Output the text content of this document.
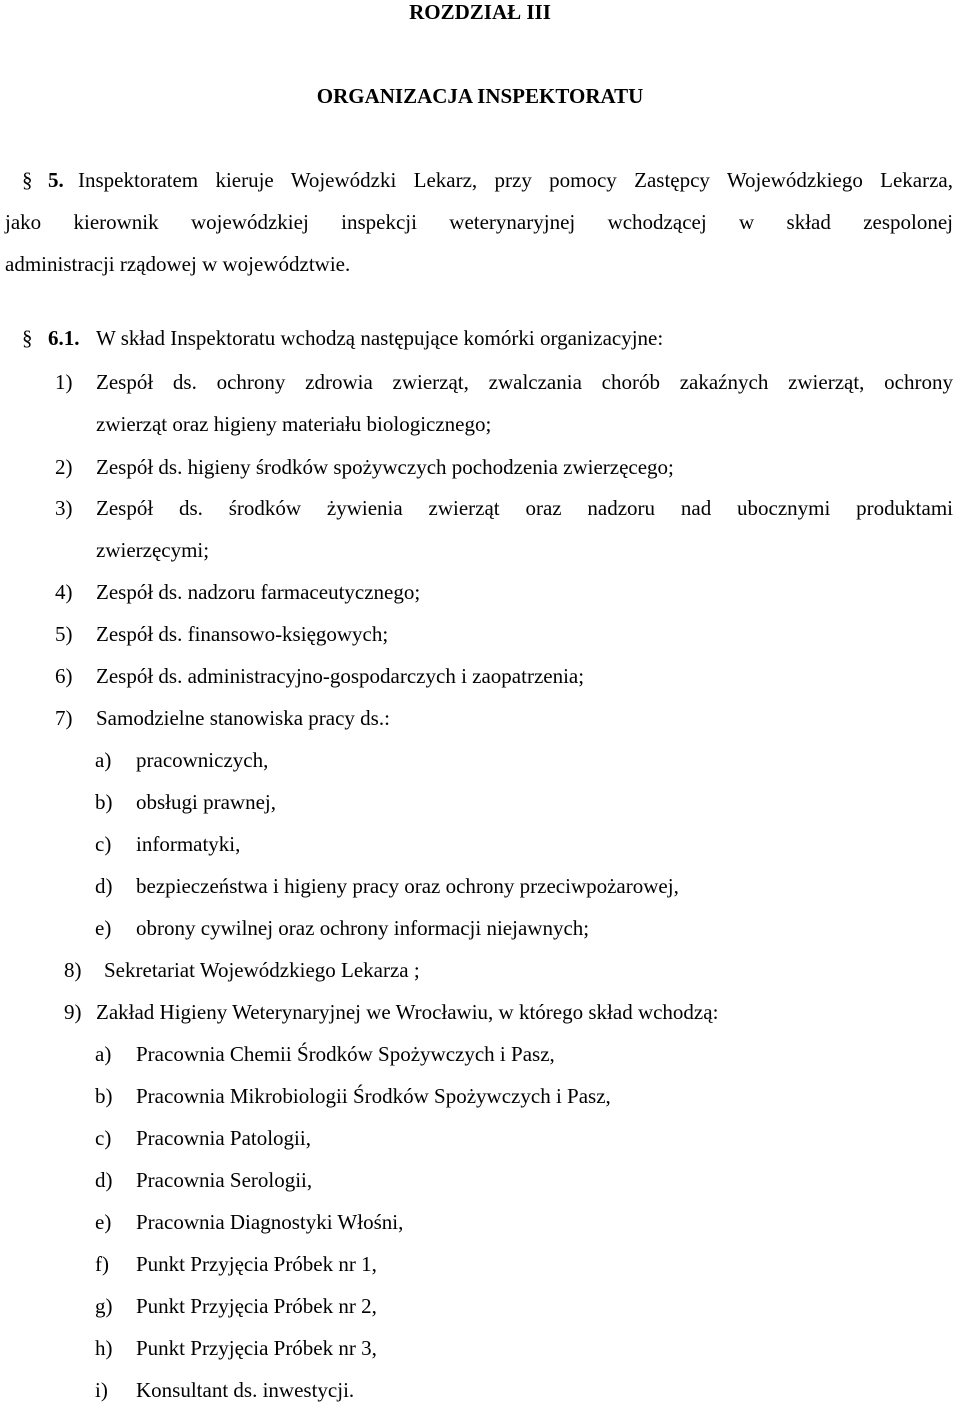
ROZDZIAŁ III
ORGANIZACJA INSPEKTORATU
§ 5. Inspektoratem kieruje Wojewódzki Lekarz, przy pomocy Zastępcy Wojewódzkiego Lekarza,
jako kierownik wojewódzkiej inspekcji weterynaryjnej wchodzącej w skład zespolonej
administracji rządowej w województwie.
§ 6.1. W skład Inspektoratu wchodzą następujące komórki organizacyjne:
1) Zespół ds. ochrony zdrowia zwierząt, zwalczania chorób zakaźnych zwierząt, ochrony
zwierząt oraz higieny materiału biologicznego;
2) Zespół ds. higieny środków spożywczych pochodzenia zwierzęcego;
3) Zespół ds. środków żywienia zwierząt oraz nadzoru nad ubocznymi produktami
zwierzęcymi;
4) Zespół ds. nadzoru farmaceutycznego;
5) Zespół ds. finansowo-księgowych;
6) Zespół ds. administracyjno-gospodarczych i zaopatrzenia;
7) Samodzielne stanowiska pracy ds.:
a) pracowniczych,
b) obsługi prawnej,
c) informatyki,
d) bezpieczeństwa i higieny pracy oraz ochrony przeciwpożarowej,
e) obrony cywilnej oraz ochrony informacji niejawnych;
8) Sekretariat Wojewódzkiego Lekarza ;
9) Zakład Higieny Weterynaryjnej we Wrocławiu, w którego skład wchodzą:
a) Pracownia Chemii Środków Spożywczych i Pasz,
b) Pracownia Mikrobiologii Środków Spożywczych i Pasz,
c) Pracownia Patologii,
d) Pracownia Serologii,
e) Pracownia Diagnostyki Włośni,
f) Punkt Przyjęcia Próbek nr 1,
g) Punkt Przyjęcia Próbek nr 2,
h) Punkt Przyjęcia Próbek nr 3,
i) Konsultant ds. inwestycji.
